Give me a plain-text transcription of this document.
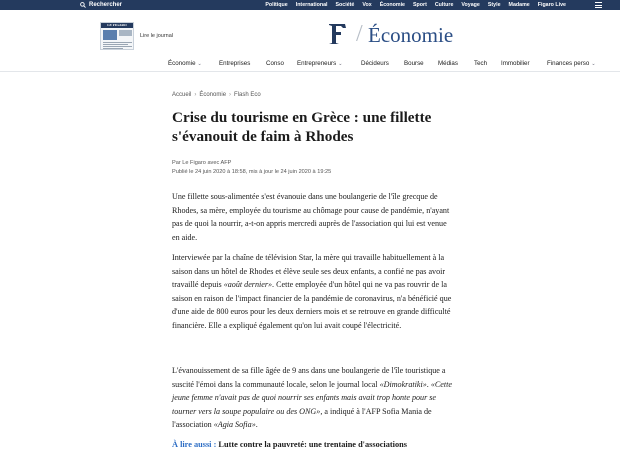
Rechercher	Politique International Société Vox Économie Sport Culture Voyage Style Madame Figaro Live
LE FIGARO
Lire le journal	/ Économie
Économie ⌄	Entreprises	Conso Entrepreneurs ⌄	Décideurs Bourse Médias	Tech Immobilier	Finances perso ⌄
Accueil › Économie › Flash Eco
Crise du tourisme en Grèce : une fillette s'évanouit de faim à Rhodes
Par Le Figaro avec AFP
Publié le 24 juin 2020 à 18:58, mis à jour le 24 juin 2020 à 19:25

Une fillette sous-alimentée s'est évanouie dans une boulangerie de l'île grecque de Rhodes, sa mère, employée du tourisme au chômage pour cause de pandémie, n'ayant pas de quoi la nourrir, a-t-on appris mercredi auprès de l'association qui lui est venue en aide.

Interviewée par la chaîne de télévision Star, la mère qui travaille habituellement à la saison dans un hôtel de Rhodes et élève seule ses deux enfants, a confié ne pas avoir travaillé depuis «août dernier». Cette employée d'un hôtel qui ne va pas rouvrir de la saison en raison de l'impact financier de la pandémie de coronavirus, n'a bénéficié que d'une aide de 800 euros pour les deux derniers mois et se retrouve en grande difficulté financière. Elle a expliqué également qu'on lui avait coupé l'électricité.

L'évanouissement de sa fille âgée de 9 ans dans une boulangerie de l'île touristique a suscité l'émoi dans la communauté locale, selon le journal local «Dimokratiki». «Cette jeune femme n'avait pas de quoi nourrir ses enfants mais avait trop honte pour se tourner vers la soupe populaire ou des ONG», a indiqué à l'AFP Sofia Mania de l'association «Agia Sofia».

À lire aussi : Lutte contre la pauvreté: une trentaine d'associations
